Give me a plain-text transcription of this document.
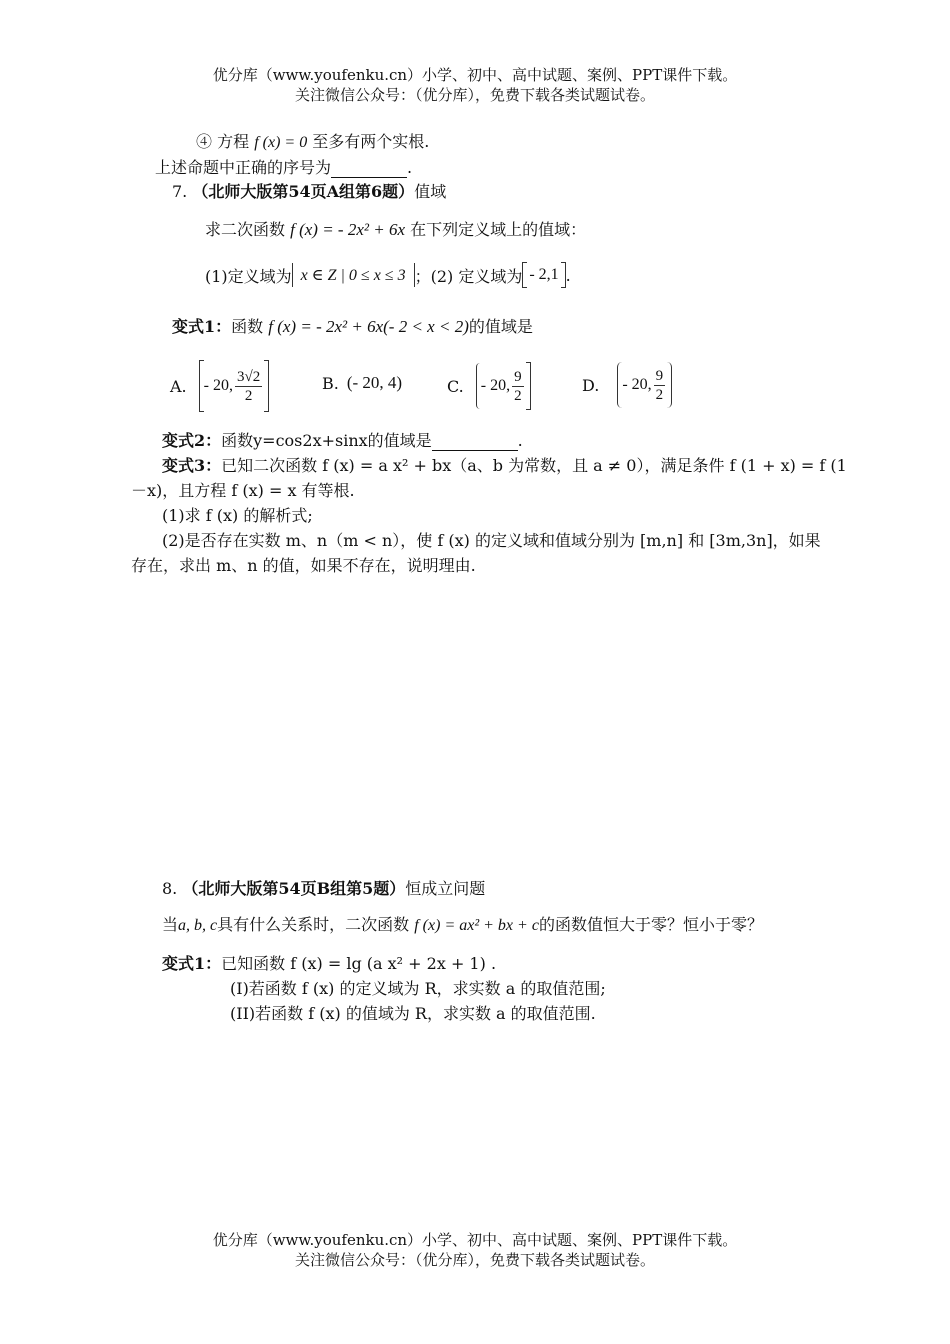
优分库（www.youfenku.cn）小学、初中、高中试题、案例、PPT课件下载。
关注微信公众号：（优分库），免费下载各类试题试卷。
④ 方程 f (x) = 0 至多有两个实根.
上述命题中正确的序号为	.
7. （北师大版第54页A组第6题）值域
求二次函数 f (x) = - 2x² + 6x 在下列定义域上的值域：
(1)定义域为 x ∈ Z | 0 ≤ x ≤ 3 ；(2) 定义域为 - 2,1 .
变式1：函数 f (x) = - 2x² + 6x(- 2 < x < 2)的值域是
A. - 20, $\frac{3√2}{2}$	B. (- 20, 4)	C. - 20, $\frac{9}{2}$	D. - 20, $\frac{9}{2}$
变式2：函数y=cos2x+sinx的值域是	.
变式3：已知二次函数 f (x) = a x² + bx（a、b 为常数，且 a ≠ 0），满足条件 f (1 + x) = f (1
－x)，且方程 f (x) = x 有等根.
(1)求 f (x) 的解析式;
(2)是否存在实数 m、n（m < n），使 f (x) 的定义域和值域分别为 [m,n] 和 [3m,3n]，如果
存在，求出 m、n 的值，如果不存在，说明理由.
8. （北师大版第54页B组第5题）恒成立问题
当a, b, c具有什么关系时，二次函数 f (x) = ax² + bx + c的函数值恒大于零？恒小于零？
变式1：已知函数 f (x) = lg (a x² + 2x + 1) .
(I)若函数 f (x) 的定义域为 R，求实数 a 的取值范围;
(II)若函数 f (x) 的值域为 R，求实数 a 的取值范围.
优分库（www.youfenku.cn）小学、初中、高中试题、案例、PPT课件下载。
关注微信公众号：（优分库），免费下载各类试题试卷。
